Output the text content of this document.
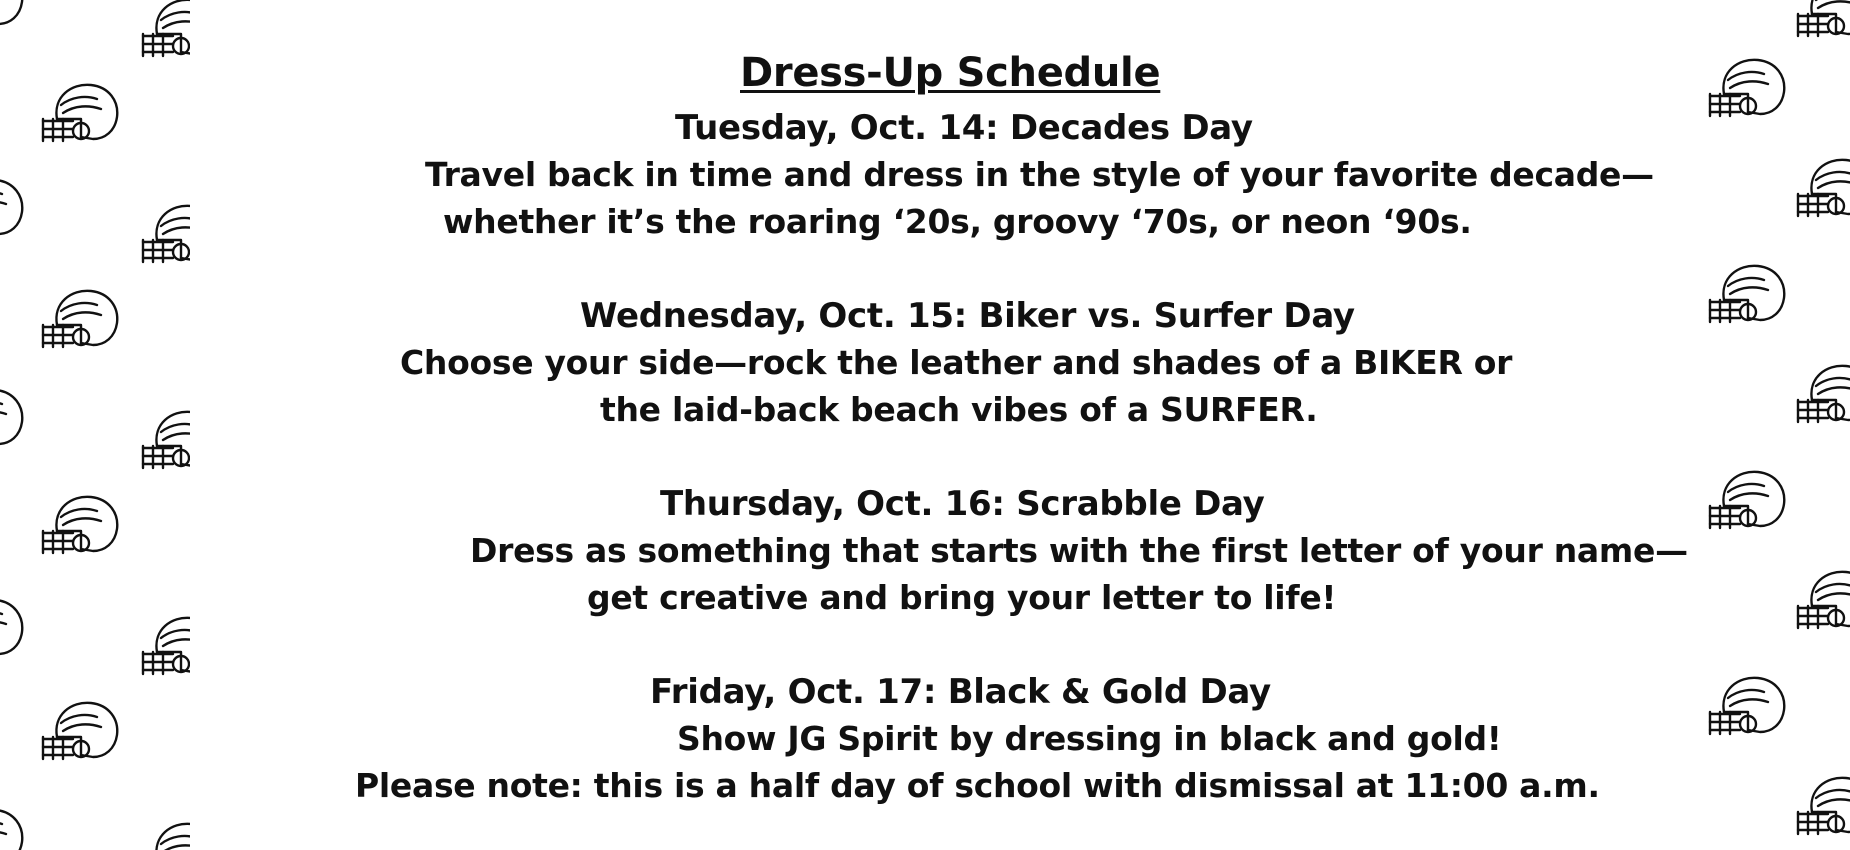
Dress-Up Schedule
Tuesday, Oct. 14: Decades Day
Travel back in time and dress in the style of your favorite decade—
whether it’s the roaring ‘20s, groovy ‘70s, or neon ‘90s.
Wednesday, Oct. 15: Biker vs. Surfer Day
Choose your side—rock the leather and shades of a BIKER or
the laid-back beach vibes of a SURFER.
Thursday, Oct. 16: Scrabble Day
Dress as something that starts with the first letter of your name—
get creative and bring your letter to life!
Friday, Oct. 17: Black & Gold Day
Show JG Spirit by dressing in black and gold!
Please note: this is a half day of school with dismissal at 11:00 a.m.
